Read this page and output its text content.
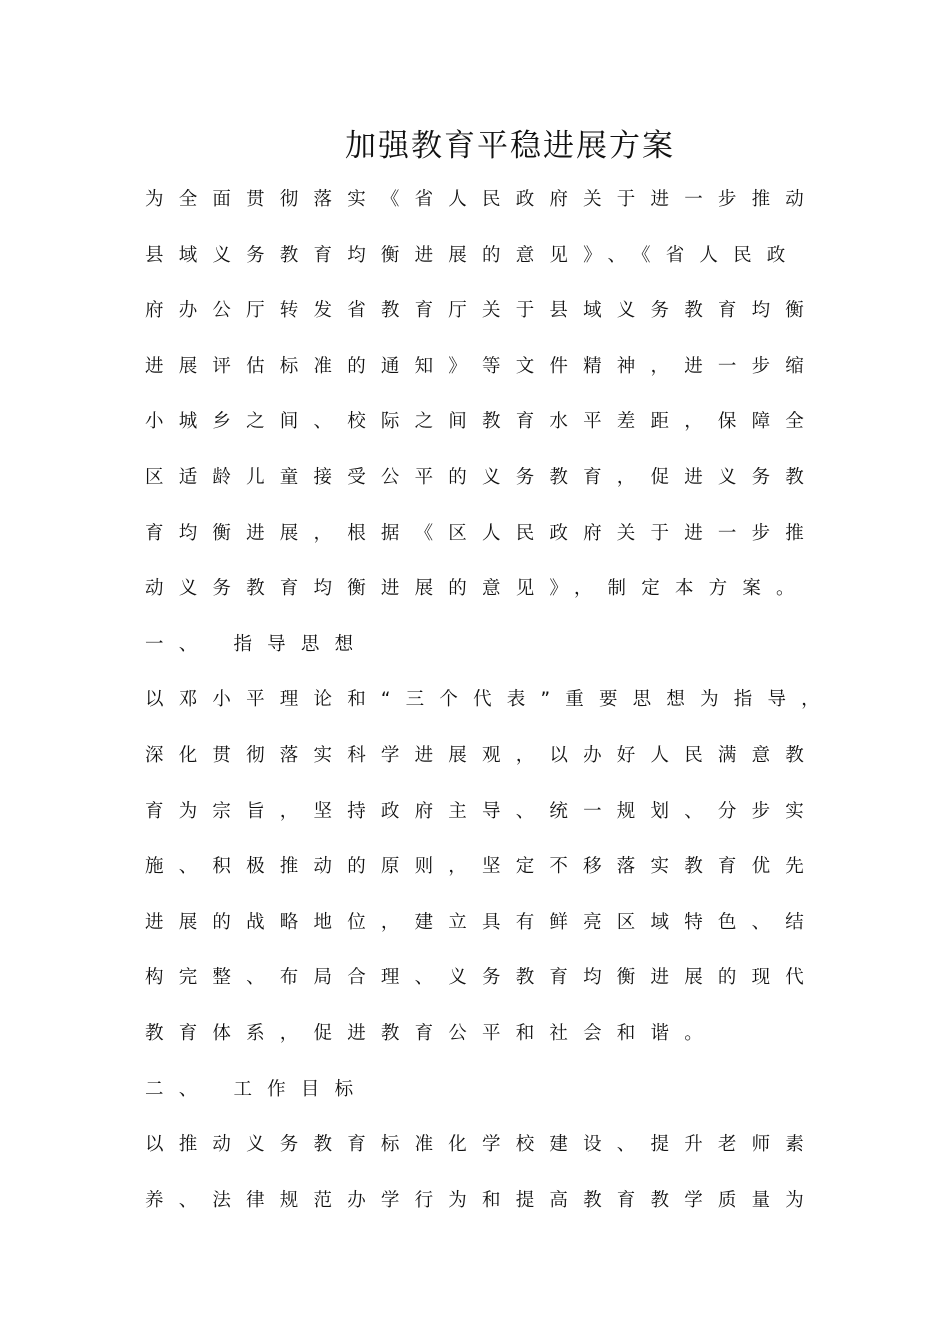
加强教育平稳进展方案
为全面贯彻落实《省人民政府关于进一步推动
县域义务教育均衡进展的意见》、《省人民政
府办公厅转发省教育厅关于县域义务教育均衡
进展评估标准的通知》等文件精神，进一步缩
小城乡之间、校际之间教育水平差距，保障全
区适龄儿童接受公平的义务教育，促进义务教
育均衡进展，根据《区人民政府关于进一步推
动义务教育均衡进展的意见》，制定本方案。
一、 指导思想
以邓小平理论和“三个代表”重要思想为指导，
深化贯彻落实科学进展观，以办好人民满意教
育为宗旨，坚持政府主导、统一规划、分步实
施、积极推动的原则，坚定不移落实教育优先
进展的战略地位，建立具有鲜亮区域特色、结
构完整、布局合理、义务教育均衡进展的现代
教育体系，促进教育公平和社会和谐。
二、 工作目标
以推动义务教育标准化学校建设、提升老师素
养、法律规范办学行为和提高教育教学质量为
